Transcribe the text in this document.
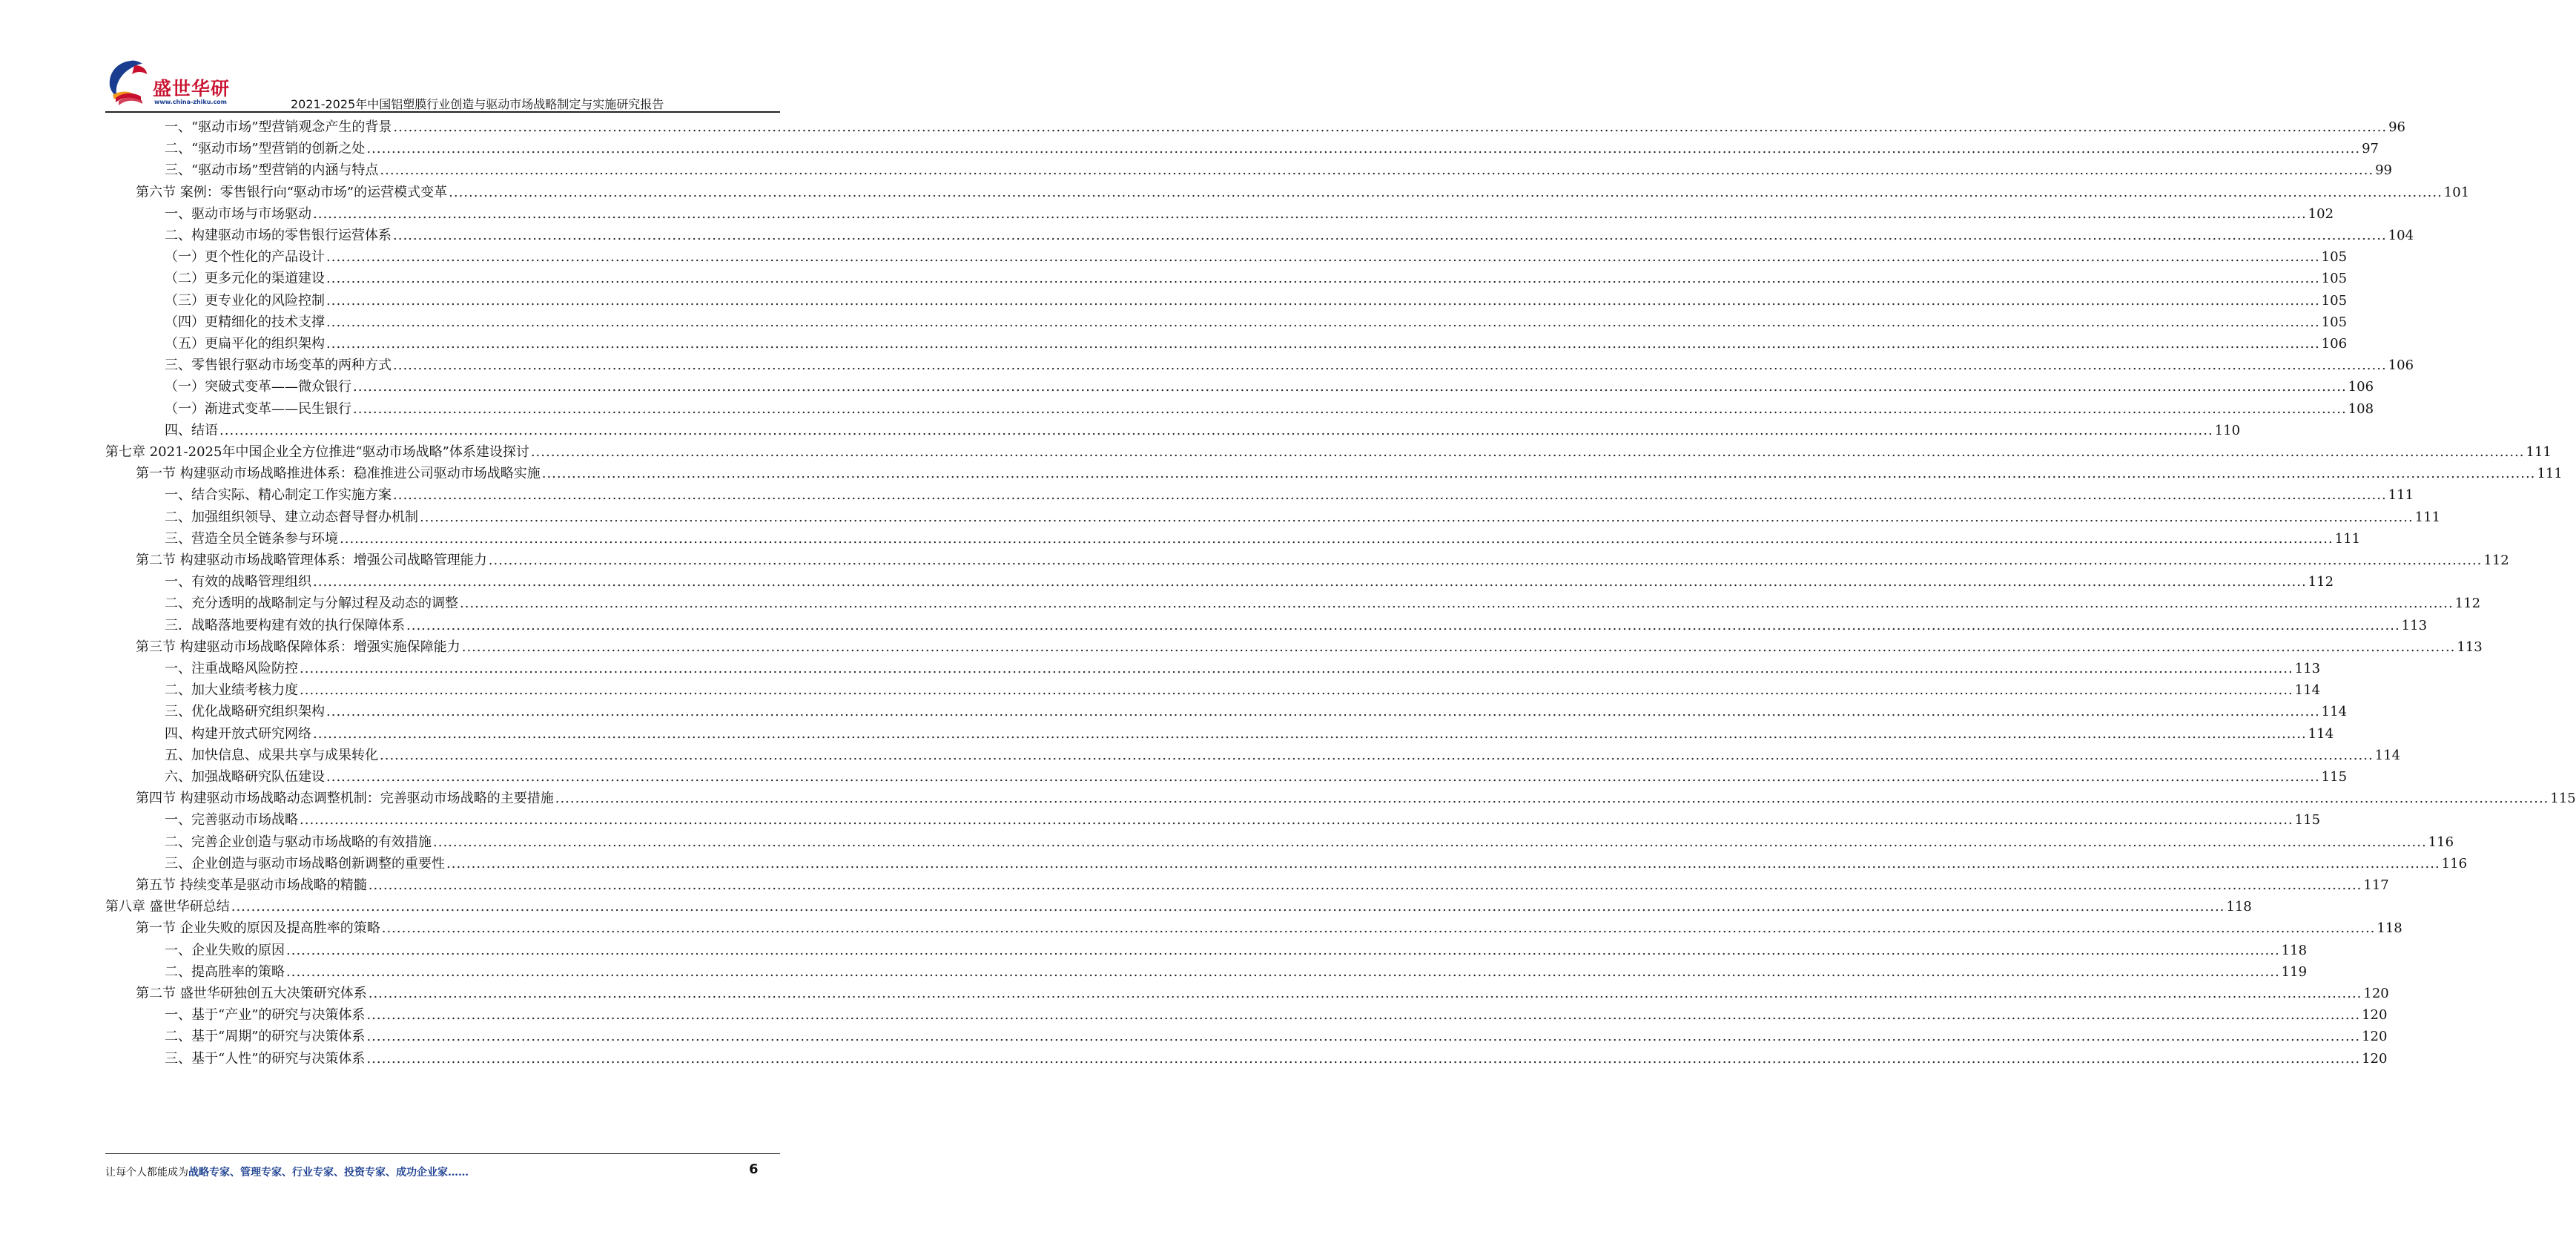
盛世华研
www.china-zhiku.com	2021-2025年中国铝塑膜行业创造与驱动市场战略制定与实施研究报告
一、“驱动市场”型营销观念产生的背景 ................................................................................................................................................................................................................................................................................................................................................................................................................ 96
二、“驱动市场”型营销的创新之处 ................................................................................................................................................................................................................................................................................................................................................................................................................ 97
三、“驱动市场”型营销的内涵与特点 ................................................................................................................................................................................................................................................................................................................................................................................................................ 99
第六节 案例：零售银行向“驱动市场”的运营模式变革 ................................................................................................................................................................................................................................................................................................................................................................................................................ 101
一、驱动市场与市场驱动 ................................................................................................................................................................................................................................................................................................................................................................................................................ 102
二、构建驱动市场的零售银行运营体系 ................................................................................................................................................................................................................................................................................................................................................................................................................ 104
（一）更个性化的产品设计 ................................................................................................................................................................................................................................................................................................................................................................................................................ 105
（二）更多元化的渠道建设 ................................................................................................................................................................................................................................................................................................................................................................................................................ 105
（三）更专业化的风险控制 ................................................................................................................................................................................................................................................................................................................................................................................................................ 105
（四）更精细化的技术支撑 ................................................................................................................................................................................................................................................................................................................................................................................................................ 105
（五）更扁平化的组织架构 ................................................................................................................................................................................................................................................................................................................................................................................................................ 106
三、零售银行驱动市场变革的两种方式 ................................................................................................................................................................................................................................................................................................................................................................................................................ 106
（一）突破式变革——微众银行 ................................................................................................................................................................................................................................................................................................................................................................................................................ 106
（一）渐进式变革——民生银行 ................................................................................................................................................................................................................................................................................................................................................................................................................ 108
四、结语 ................................................................................................................................................................................................................................................................................................................................................................................................................ 110
第七章 2021-2025年中国企业全方位推进“驱动市场战略”体系建设探讨 ................................................................................................................................................................................................................................................................................................................................................................................................................ 111
第一节 构建驱动市场战略推进体系：稳准推进公司驱动市场战略实施 ................................................................................................................................................................................................................................................................................................................................................................................................................ 111
一、结合实际、精心制定工作实施方案 ................................................................................................................................................................................................................................................................................................................................................................................................................ 111
二、加强组织领导、建立动态督导督办机制 ................................................................................................................................................................................................................................................................................................................................................................................................................ 111
三、营造全员全链条参与环境 ................................................................................................................................................................................................................................................................................................................................................................................................................ 111
第二节 构建驱动市场战略管理体系：增强公司战略管理能力 ................................................................................................................................................................................................................................................................................................................................................................................................................ 112
一、有效的战略管理组织 ................................................................................................................................................................................................................................................................................................................................................................................................................ 112
二、充分透明的战略制定与分解过程及动态的调整 ................................................................................................................................................................................................................................................................................................................................................................................................................ 112
三．战略落地要构建有效的执行保障体系 ................................................................................................................................................................................................................................................................................................................................................................................................................ 113
第三节 构建驱动市场战略保障体系：增强实施保障能力 ................................................................................................................................................................................................................................................................................................................................................................................................................ 113
一、注重战略风险防控 ................................................................................................................................................................................................................................................................................................................................................................................................................ 113
二、加大业绩考核力度 ................................................................................................................................................................................................................................................................................................................................................................................................................ 114
三、优化战略研究组织架构 ................................................................................................................................................................................................................................................................................................................................................................................................................ 114
四、构建开放式研究网络 ................................................................................................................................................................................................................................................................................................................................................................................................................ 114
五、加快信息、成果共享与成果转化 ................................................................................................................................................................................................................................................................................................................................................................................................................ 114
六、加强战略研究队伍建设 ................................................................................................................................................................................................................................................................................................................................................................................................................ 115
第四节 构建驱动市场战略动态调整机制：完善驱动市场战略的主要措施 ................................................................................................................................................................................................................................................................................................................................................................................................................ 115
一、完善驱动市场战略 ................................................................................................................................................................................................................................................................................................................................................................................................................ 115
二、完善企业创造与驱动市场战略的有效措施 ................................................................................................................................................................................................................................................................................................................................................................................................................ 116
三、企业创造与驱动市场战略创新调整的重要性 ................................................................................................................................................................................................................................................................................................................................................................................................................ 116
第五节 持续变革是驱动市场战略的精髓 ................................................................................................................................................................................................................................................................................................................................................................................................................ 117
第八章 盛世华研总结 ................................................................................................................................................................................................................................................................................................................................................................................................................ 118
第一节 企业失败的原因及提高胜率的策略 ................................................................................................................................................................................................................................................................................................................................................................................................................ 118
一、企业失败的原因 ................................................................................................................................................................................................................................................................................................................................................................................................................ 118
二、提高胜率的策略 ................................................................................................................................................................................................................................................................................................................................................................................................................ 119
第二节 盛世华研独创五大决策研究体系 ................................................................................................................................................................................................................................................................................................................................................................................................................ 120
一、基于“产业”的研究与决策体系 ................................................................................................................................................................................................................................................................................................................................................................................................................ 120
二、基于“周期”的研究与决策体系 ................................................................................................................................................................................................................................................................................................................................................................................................................ 120
三、基于“人性”的研究与决策体系 ................................................................................................................................................................................................................................................................................................................................................................................................................ 120
让每个人都能成为战略专家、管理专家、行业专家、投资专家、成功企业家……	6
